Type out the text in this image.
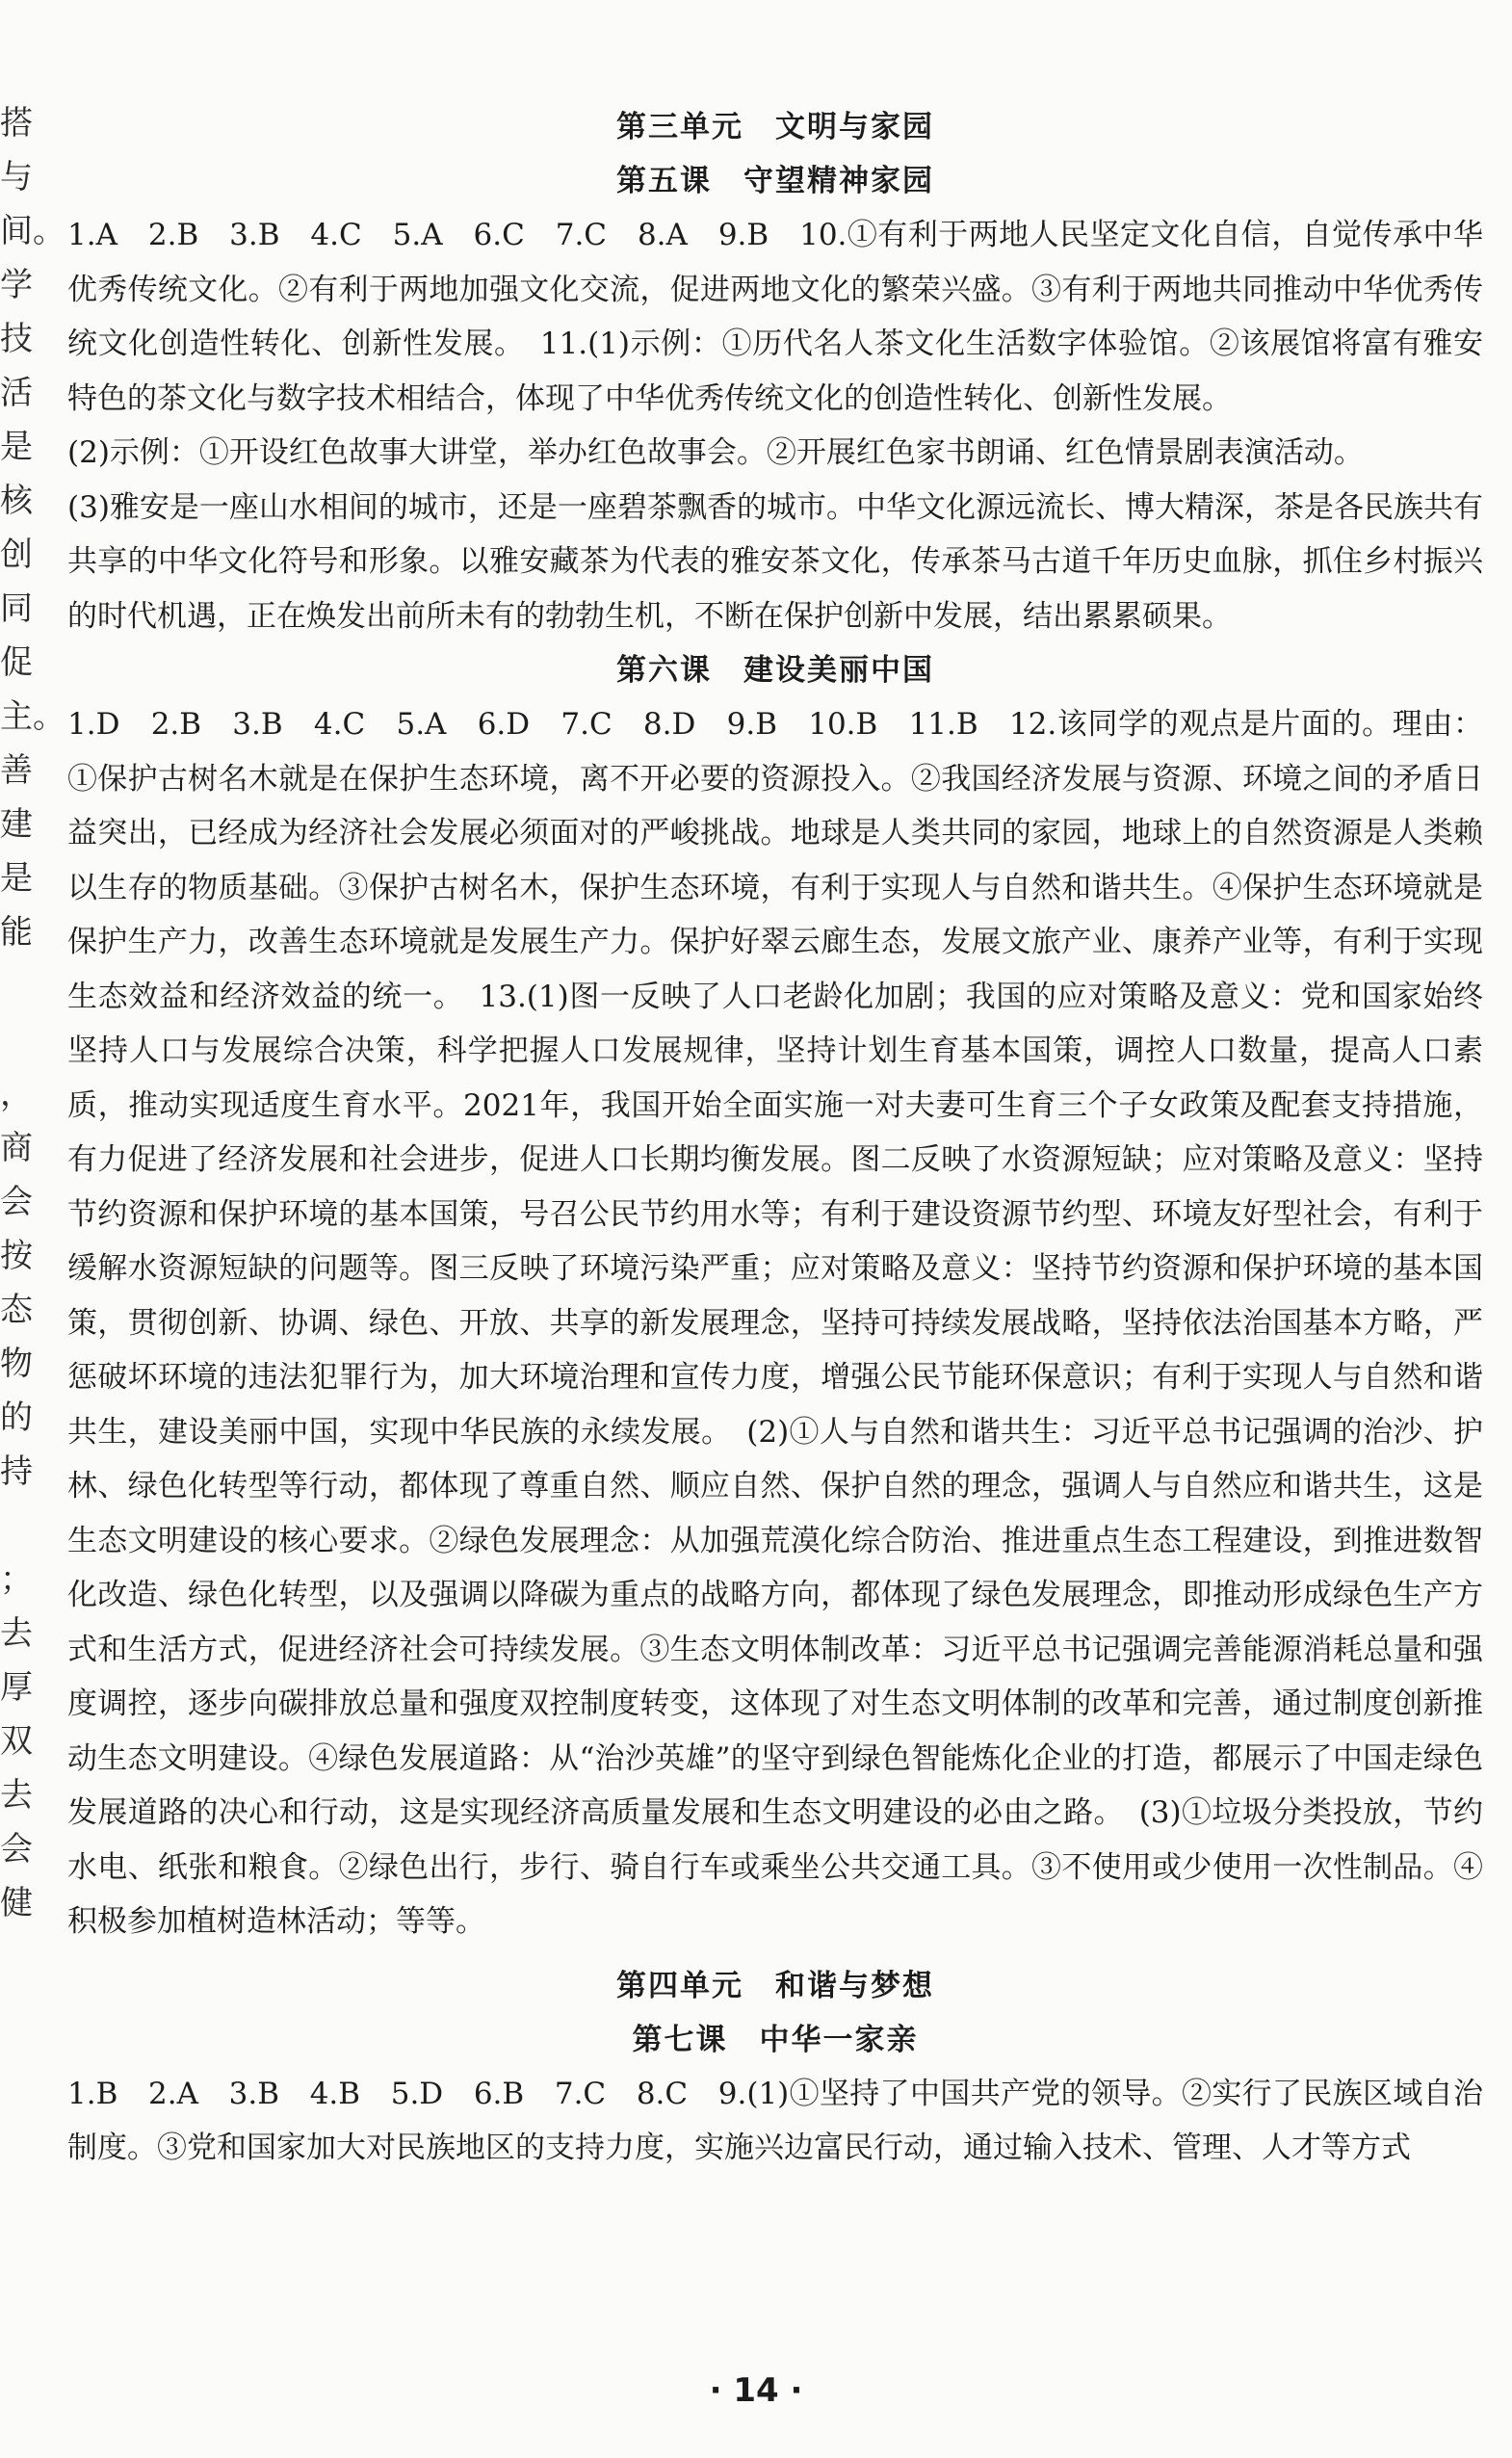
搭
与
间。
学
技
活
是
核
创
同
促
主。
善
建
是
能
，
商
会
按
态
物
的
持
；
去
厚
双
去
会
健
第三单元　文明与家园
第五课　守望精神家园

1.A　2.B　3.B　4.C　5.A　6.C　7.C　8.A　9.B　10.①有利于两地人民坚定文化自信，自觉传承中华优秀传统文化。②有利于两地加强文化交流，促进两地文化的繁荣兴盛。③有利于两地共同推动中华优秀传统文化创造性转化、创新性发展。　11.(1)示例：①历代名人茶文化生活数字体验馆。②该展馆将富有雅安特色的茶文化与数字技术相结合，体现了中华优秀传统文化的创造性转化、创新性发展。

(2)示例：①开设红色故事大讲堂，举办红色故事会。②开展红色家书朗诵、红色情景剧表演活动。

(3)雅安是一座山水相间的城市，还是一座碧茶飘香的城市。中华文化源远流长、博大精深，茶是各民族共有共享的中华文化符号和形象。以雅安藏茶为代表的雅安茶文化，传承茶马古道千年历史血脉，抓住乡村振兴的时代机遇，正在焕发出前所未有的勃勃生机，不断在保护创新中发展，结出累累硕果。

第六课　建设美丽中国

1.D　2.B　3.B　4.C　5.A　6.D　7.C　8.D　9.B　10.B　11.B　12.该同学的观点是片面的。理由：①保护古树名木就是在保护生态环境，离不开必要的资源投入。②我国经济发展与资源、环境之间的矛盾日益突出，已经成为经济社会发展必须面对的严峻挑战。地球是人类共同的家园，地球上的自然资源是人类赖以生存的物质基础。③保护古树名木，保护生态环境，有利于实现人与自然和谐共生。④保护生态环境就是保护生产力，改善生态环境就是发展生产力。保护好翠云廊生态，发展文旅产业、康养产业等，有利于实现生态效益和经济效益的统一。　13.(1)图一反映了人口老龄化加剧；我国的应对策略及意义：党和国家始终坚持人口与发展综合决策，科学把握人口发展规律，坚持计划生育基本国策，调控人口数量，提高人口素质，推动实现适度生育水平。2021年，我国开始全面实施一对夫妻可生育三个子女政策及配套支持措施，有力促进了经济发展和社会进步，促进人口长期均衡发展。图二反映了水资源短缺；应对策略及意义：坚持节约资源和保护环境的基本国策，号召公民节约用水等；有利于建设资源节约型、环境友好型社会，有利于缓解水资源短缺的问题等。图三反映了环境污染严重；应对策略及意义：坚持节约资源和保护环境的基本国策，贯彻创新、协调、绿色、开放、共享的新发展理念，坚持可持续发展战略，坚持依法治国基本方略，严惩破坏环境的违法犯罪行为，加大环境治理和宣传力度，增强公民节能环保意识；有利于实现人与自然和谐共生，建设美丽中国，实现中华民族的永续发展。　(2)①人与自然和谐共生：习近平总书记强调的治沙、护林、绿色化转型等行动，都体现了尊重自然、顺应自然、保护自然的理念，强调人与自然应和谐共生，这是生态文明建设的核心要求。②绿色发展理念：从加强荒漠化综合防治、推进重点生态工程建设，到推进数智化改造、绿色化转型，以及强调以降碳为重点的战略方向，都体现了绿色发展理念，即推动形成绿色生产方式和生活方式，促进经济社会可持续发展。③生态文明体制改革：习近平总书记强调完善能源消耗总量和强度调控，逐步向碳排放总量和强度双控制度转变，这体现了对生态文明体制的改革和完善，通过制度创新推动生态文明建设。④绿色发展道路：从“治沙英雄”的坚守到绿色智能炼化企业的打造，都展示了中国走绿色发展道路的决心和行动，这是实现经济高质量发展和生态文明建设的必由之路。　(3)①垃圾分类投放，节约水电、纸张和粮食。②绿色出行，步行、骑自行车或乘坐公共交通工具。③不使用或少使用一次性制品。④积极参加植树造林活动；等等。

第四单元　和谐与梦想
第七课　中华一家亲

1.B　2.A　3.B　4.B　5.D　6.B　7.C　8.C　9.(1)①坚持了中国共产党的领导。②实行了民族区域自治制度。③党和国家加大对民族地区的支持力度，实施兴边富民行动，通过输入技术、管理、人才等方式

· 14 ·
